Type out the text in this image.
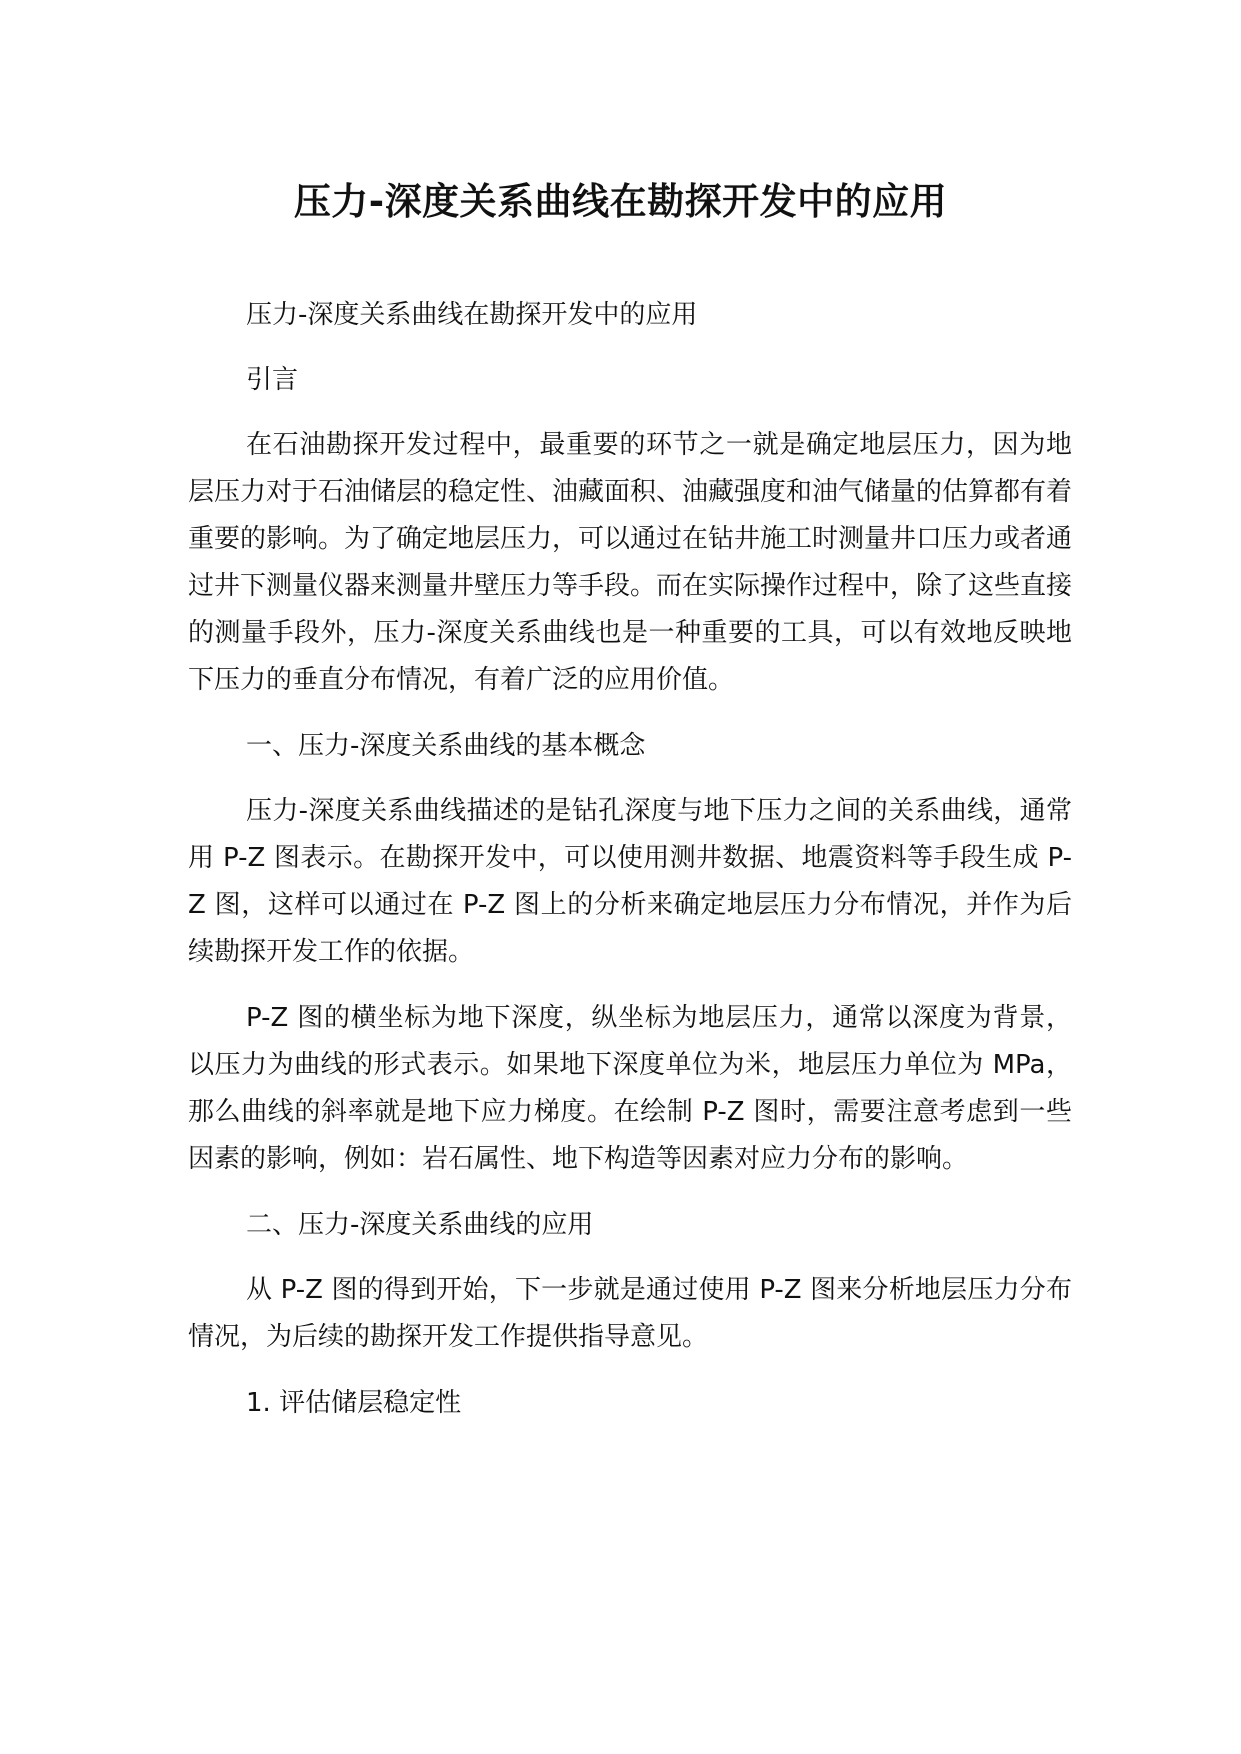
压力-深度关系曲线在勘探开发中的应用

压力-深度关系曲线在勘探开发中的应用

引言

在石油勘探开发过程中，最重要的环节之一就是确定地层压力，因为地层压力对于石油储层的稳定性、油藏面积、油藏强度和油气储量的估算都有着重要的影响。为了确定地层压力，可以通过在钻井施工时测量井口压力或者通过井下测量仪器来测量井壁压力等手段。而在实际操作过程中，除了这些直接的测量手段外，压力-深度关系曲线也是一种重要的工具，可以有效地反映地下压力的垂直分布情况，有着广泛的应用价值。

一、压力-深度关系曲线的基本概念

压力-深度关系曲线描述的是钻孔深度与地下压力之间的关系曲线，通常用 P-Z 图表示。在勘探开发中，可以使用测井数据、地震资料等手段生成 P-Z 图，这样可以通过在 P-Z 图上的分析来确定地层压力分布情况，并作为后续勘探开发工作的依据。

P-Z 图的横坐标为地下深度，纵坐标为地层压力，通常以深度为背景，以压力为曲线的形式表示。如果地下深度单位为米，地层压力单位为 MPa，那么曲线的斜率就是地下应力梯度。在绘制 P-Z 图时，需要注意考虑到一些因素的影响，例如：岩石属性、地下构造等因素对应力分布的影响。

二、压力-深度关系曲线的应用

从 P-Z 图的得到开始，下一步就是通过使用 P-Z 图来分析地层压力分布情况，为后续的勘探开发工作提供指导意见。

1. 评估储层稳定性
